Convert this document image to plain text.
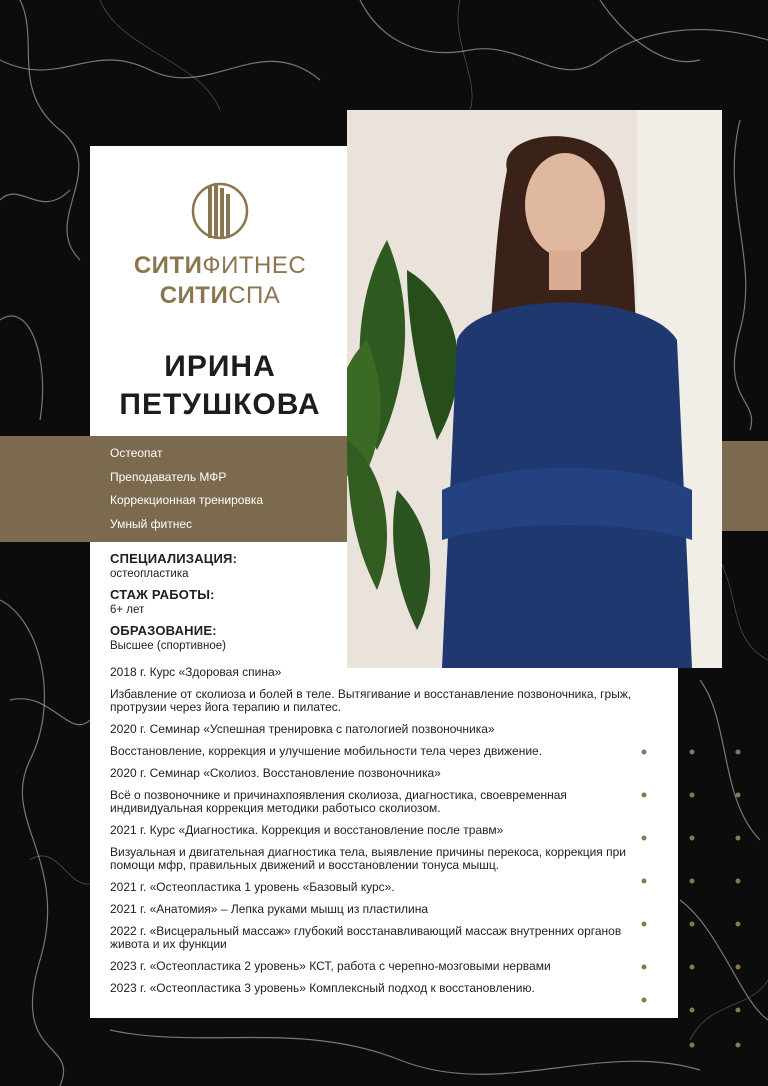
СИТИФИТНЕС
СИТИСПА
ИРИНА
ПЕТУШКОВА
Остеопат
Преподаватель МФР
Коррекционная тренировка
Умный фитнес
СПЕЦИАЛИЗАЦИЯ:
остеопластика
СТАЖ РАБОТЫ:
6+ лет
ОБРАЗОВАНИЕ:
Высшее (спортивное)
2018 г. Курс «Здоровая спина»
Избавление от сколиоза и болей в теле. Вытягивание и восстанавление позвоночника, грыж, протрузии через йога терапию и пилатес.
2020 г. Семинар «Успешная тренировка с патологией позвоночника»
Восстановление, коррекция и улучшение мобильности тела через движение.
2020 г. Семинар «Сколиоз. Восстановление позвоночника»
Всё о позвоночнике и причинахпоявления сколиоза, диагностика, своевременная индивидуальная коррекция методики работысо сколиозом.
2021 г. Курс «Диагностика. Коррекция и восстановление после травм»
Визуальная и двигательная диагностика тела, выявление причины перекоса, коррекция при помощи мфр, правильных движений и восстановлении тонуса мышц.
2021 г. «Остеопластика 1 уровень «Базовый курс».
2021 г. «Анатомия» – Лепка руками мышц из пластилина
2022 г. «Висцеральный массаж» глубокий восстанавливающий массаж внутренних органов живота и их функции
2023 г. «Остеопластика 2 уровень» КСТ, работа с черепно-мозговыми нервами
2023 г. «Остеопластика 3 уровень» Комплексный подход к восстановлению.
